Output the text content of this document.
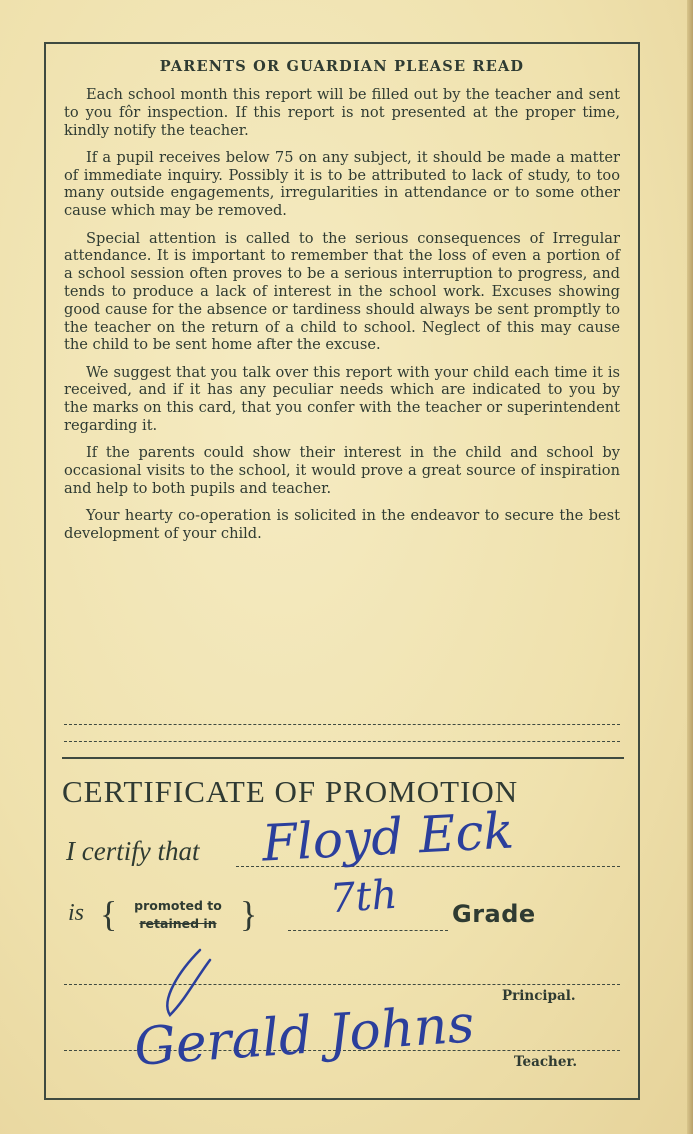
PARENTS OR GUARDIAN PLEASE READ

Each school month this report will be filled out by the teacher and sent to you fôr inspection. If this report is not presented at the proper time, kindly notify the teacher.

If a pupil receives below 75 on any subject, it should be made a matter of immediate inquiry. Possibly it is to be attributed to lack of study, to too many outside engagements, irregularities in attendance or to some other cause which may be removed.

Special attention is called to the serious consequences of Irregular attendance. It is important to remember that the loss of even a portion of a school session often proves to be a serious interruption to progress, and tends to produce a lack of interest in the school work. Excuses showing good cause for the absence or tardiness should always be sent promptly to the teacher on the return of a child to school. Neglect of this may cause the child to be sent home after the excuse.

We suggest that you talk over this report with your child each time it is received, and if it has any peculiar needs which are indicated to you by the marks on this card, that you confer with the teacher or superintendent regarding it.

If the parents could show their interest in the child and school by occasional visits to the school, it would prove a great source of inspiration and help to both pupils and teacher.

Your hearty co-operation is solicited in the endeavor to secure the best development of your child.

CERTIFICATE OF PROMOTION
I certify that Floyd Eck
is {	promoted to
retained in } 7th Grade
Principal.
Gerald Johns	Teacher.
